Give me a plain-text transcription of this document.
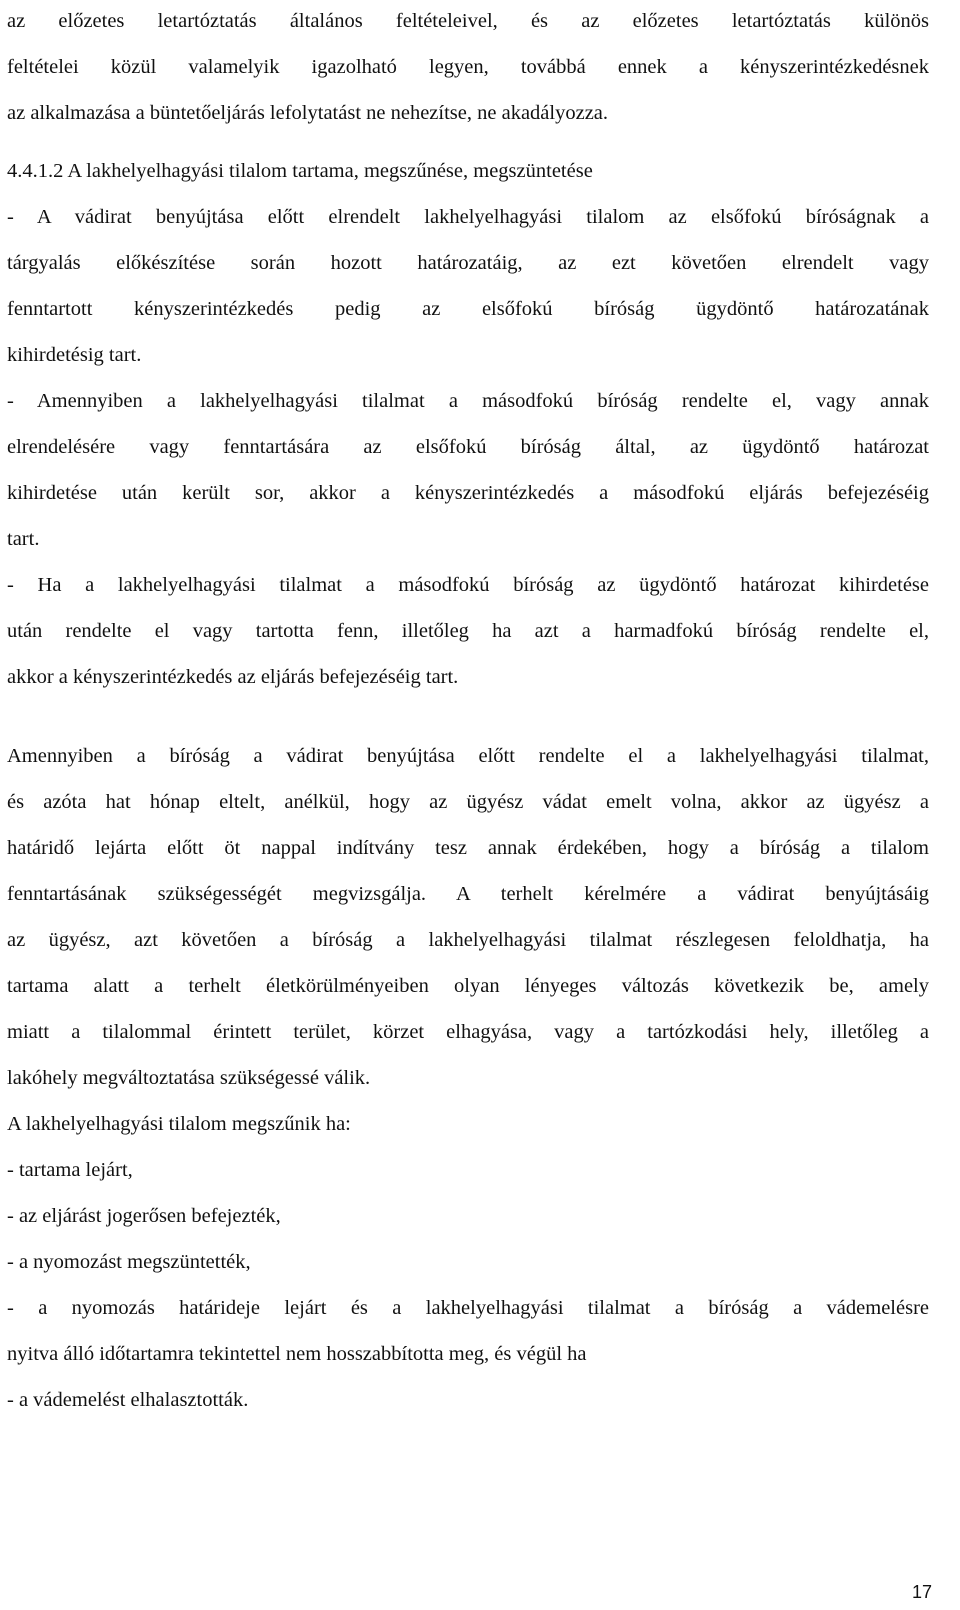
az előzetes letartóztatás általános feltételeivel, és az előzetes letartóztatás különös
feltételei közül valamelyik igazolható legyen, továbbá ennek a kényszerintézkedésnek
az alkalmazása a büntetőeljárás lefolytatást ne nehezítse, ne akadályozza.
4.4.1.2 A lakhelyelhagyási tilalom tartama, megszűnése, megszüntetése
- A vádirat benyújtása előtt elrendelt lakhelyelhagyási tilalom az elsőfokú bíróságnak a
tárgyalás előkészítése során hozott határozatáig, az ezt követően elrendelt vagy
fenntartott kényszerintézkedés pedig az elsőfokú bíróság ügydöntő határozatának
kihirdetésig tart.
- Amennyiben a lakhelyelhagyási tilalmat a másodfokú bíróság rendelte el, vagy annak
elrendelésére vagy fenntartására az elsőfokú bíróság által, az ügydöntő határozat
kihirdetése után került sor, akkor a kényszerintézkedés a másodfokú eljárás befejezéséig
tart.
- Ha a lakhelyelhagyási tilalmat a másodfokú bíróság az ügydöntő határozat kihirdetése
után rendelte el vagy tartotta fenn, illetőleg ha azt a harmadfokú bíróság rendelte el,
akkor a kényszerintézkedés az eljárás befejezéséig tart.
Amennyiben a bíróság a vádirat benyújtása előtt rendelte el a lakhelyelhagyási tilalmat,
és azóta hat hónap eltelt, anélkül, hogy az ügyész vádat emelt volna, akkor az ügyész a
határidő lejárta előtt öt nappal indítvány tesz annak érdekében, hogy a bíróság a tilalom
fenntartásának szükségességét megvizsgálja. A terhelt kérelmére a vádirat benyújtásáig
az ügyész, azt követően a bíróság a lakhelyelhagyási tilalmat részlegesen feloldhatja, ha
tartama alatt a terhelt életkörülményeiben olyan lényeges változás következik be, amely
miatt a tilalommal érintett terület, körzet elhagyása, vagy a tartózkodási hely, illetőleg a
lakóhely megváltoztatása szükségessé válik.
A lakhelyelhagyási tilalom megszűnik ha:
- tartama lejárt,
- az eljárást jogerősen befejezték,
- a nyomozást megszüntették,
- a nyomozás határideje lejárt és a lakhelyelhagyási tilalmat a bíróság a vádemelésre
nyitva álló időtartamra tekintettel nem hosszabbította meg, és végül ha
- a vádemelést elhalasztották.
17
